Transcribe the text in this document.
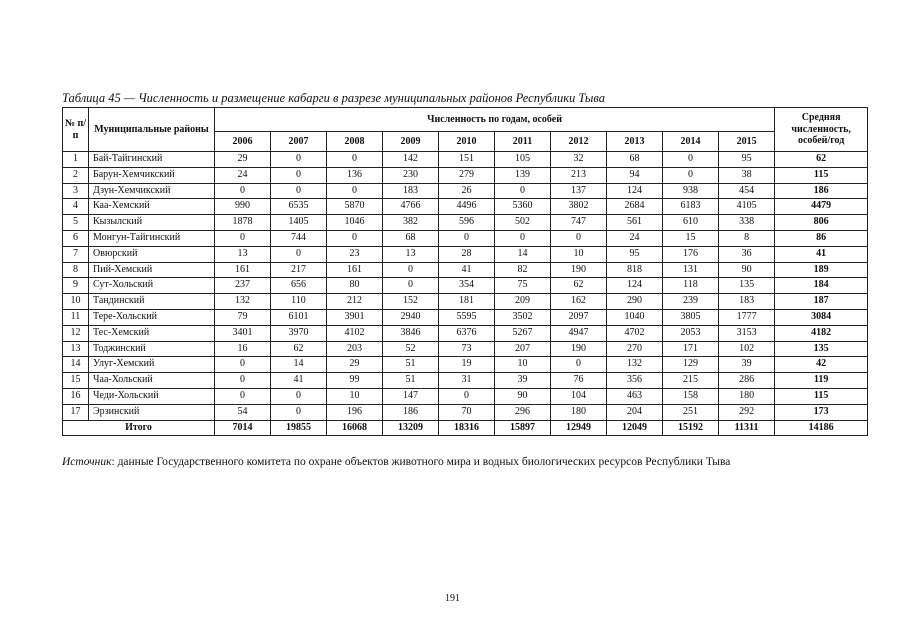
Таблица 45 — Численность и размещение кабарги в разрезе муниципальных районов Республики Тыва
№ п/п	Муниципальные районы	Численность по годам, особей										Средняя численность, особей/год
		2006	2007	2008	2009	2010	2011	2012	2013	2014	2015	
1	Бай-Тайгинский	29	0	0	142	151	105	32	68	0	95	62
2	Барун-Хемчикский	24	0	136	230	279	139	213	94	0	38	115
3	Дзун-Хемчикский	0	0	0	183	26	0	137	124	938	454	186
4	Каа-Хемский	990	6535	5870	4766	4496	5360	3802	2684	6183	4105	4479
5	Кызылский	1878	1405	1046	382	596	502	747	561	610	338	806
6	Монгун-Тайгинский	0	744	0	68	0	0	0	24	15	8	86
7	Овюрский	13	0	23	13	28	14	10	95	176	36	41
8	Пий-Хемский	161	217	161	0	41	82	190	818	131	90	189
9	Сут-Хольский	237	656	80	0	354	75	62	124	118	135	184
10	Тандинский	132	110	212	152	181	209	162	290	239	183	187
11	Тере-Хольский	79	6101	3901	2940	5595	3502	2097	1040	3805	1777	3084
12	Тес-Хемский	3401	3970	4102	3846	6376	5267	4947	4702	2053	3153	4182
13	Тоджинский	16	62	203	52	73	207	190	270	171	102	135
14	Улуг-Хемский	0	14	29	51	19	10	0	132	129	39	42
15	Чаа-Хольский	0	41	99	51	31	39	76	356	215	286	119
16	Чеди-Хольский	0	0	10	147	0	90	104	463	158	180	115
17	Эрзинский	54	0	196	186	70	296	180	204	251	292	173
Итого		7014	19855	16068	13209	18316	15897	12949	12049	15192	11311	14186
Источник: данные Государственного комитета по охране объектов животного мира и водных биологических ресурсов Республики Тыва
191
